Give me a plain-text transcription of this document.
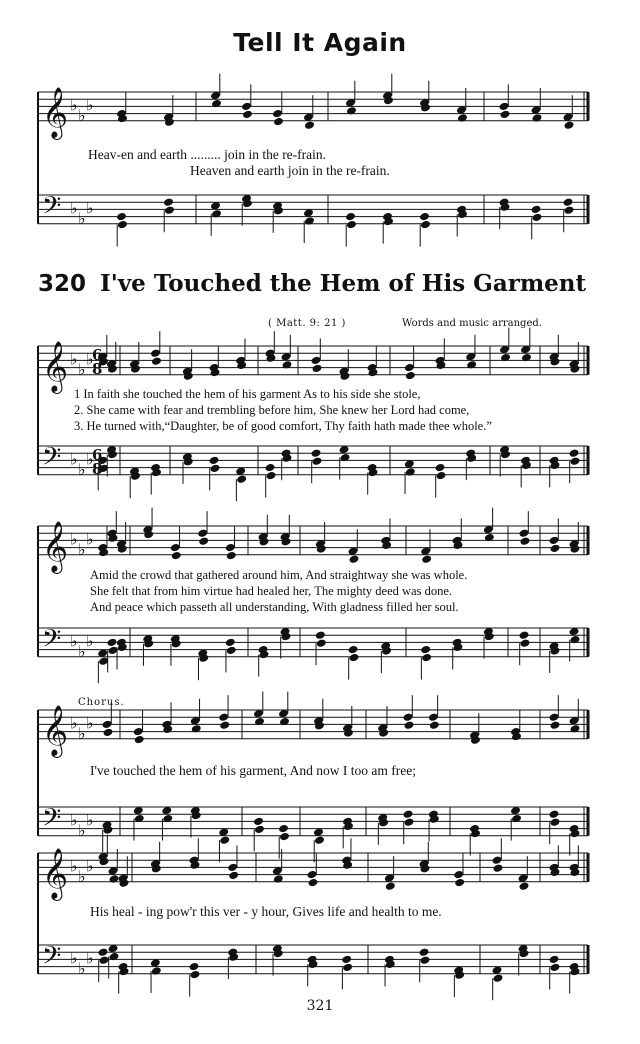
Tell It Again
Heav-en and earth ......... join in the re-frain.
Heaven and earth join in the re-frain.
320 I've Touched the Hem of His Garment
( Matt. 9: 21 )	Words and music arranged.
1 In faith she touched the hem of his garment As to his side she stole,
2. She came with fear and trembling before him, She knew her Lord had come,
3. He turned with,“Daughter, be of good comfort, Thy faith hath made thee whole.”
Amid the crowd that gathered around him, And straightway she was whole.
She felt that from him virtue had healed her, The mighty deed was done.
And peace which passeth all understanding, With gladness filled her soul.
Chorus.
I've touched the hem of his garment, And now I too am free;
His heal - ing pow'r this ver - y hour, Gives life and health to me.
321
𝄞 ♭
♭
♭
𝄢 ♭
♭
♭
𝄞 ♭
♭
♭
𝄢 ♭
♭
♭
6
6
8
8
𝄞 ♭
♭
♭
𝄢 ♭
♭
♭
𝄞 ♭
♭
♭
𝄢 ♭
♭
♭
𝄞 ♭
♭
♭
𝄢 ♭
♭
♭
